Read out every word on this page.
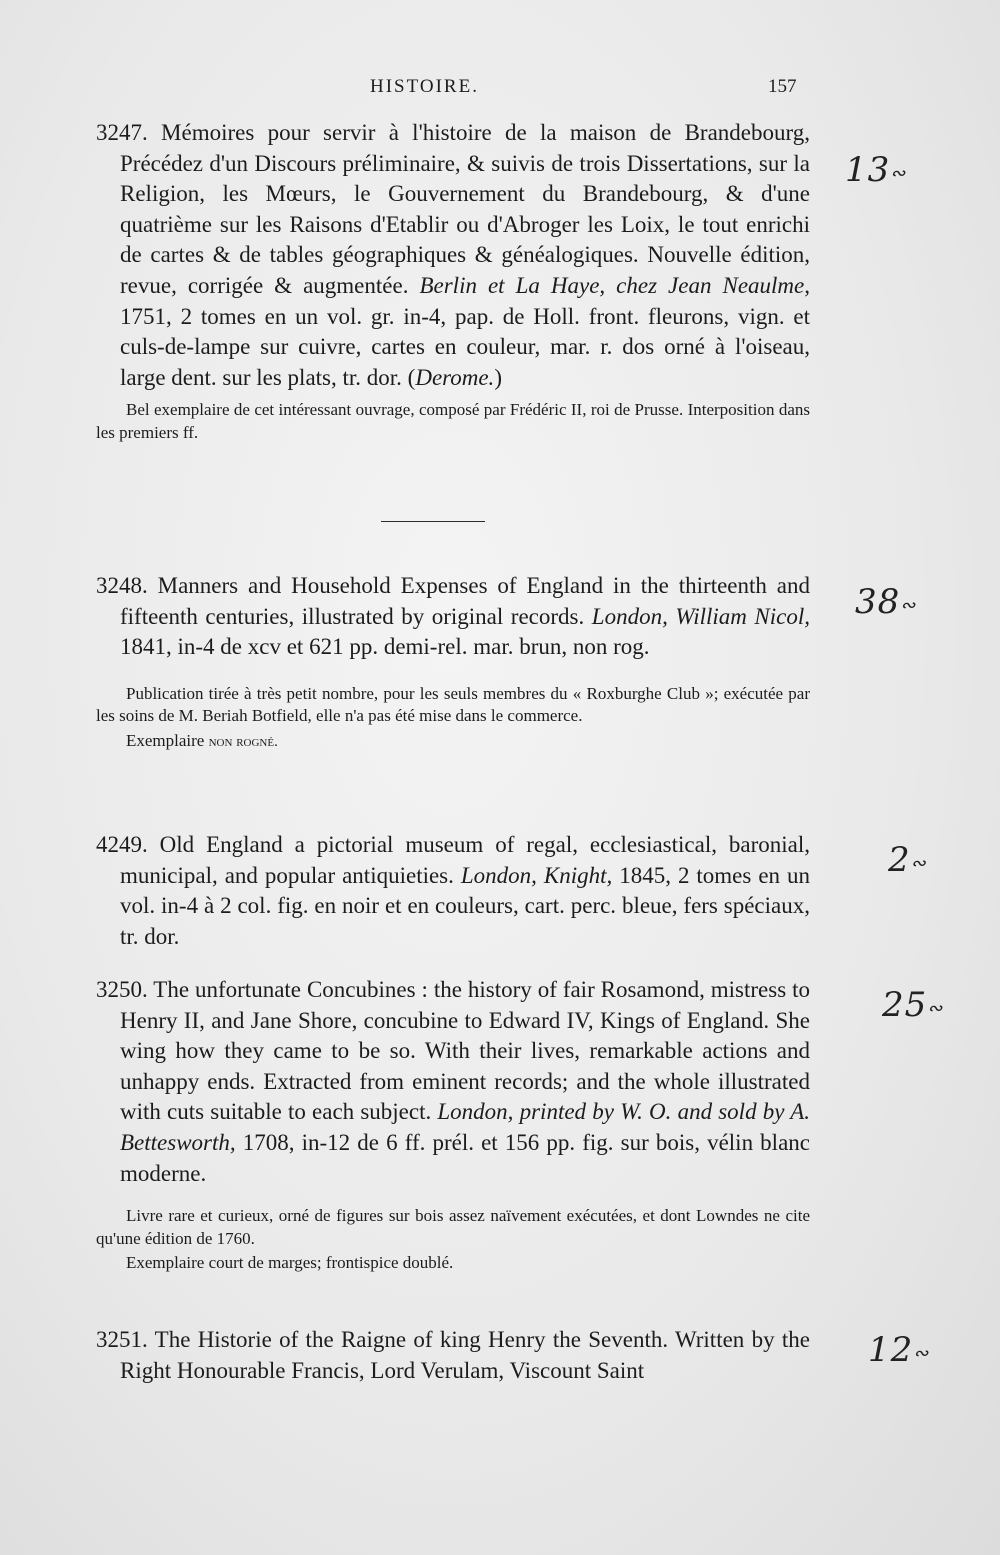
HISTOIRE.	157

3247. Mémoires pour servir à l'histoire de la maison de Brandebourg, Précédez d'un Discours préliminaire, & suivis de trois Dissertations, sur la Religion, les Mœurs, le Gouvernement du Brandebourg, & d'une quatrième sur les Raisons d'Etablir ou d'Abroger les Loix, le tout enrichi de cartes & de tables géographiques & généalogiques. Nouvelle édition, revue, corrigée & augmentée. Berlin et La Haye, chez Jean Neaulme, 1751, 2 tomes en un vol. gr. in-4, pap. de Holl. front. fleurons, vign. et culs-de-lampe sur cuivre, cartes en couleur, mar. r. dos orné à l'oiseau, large dent. sur les plats, tr. dor. (Derome.)

Bel exemplaire de cet intéressant ouvrage, composé par Frédéric II, roi de Prusse. Interposition dans les premiers ff.

3248. Manners and Household Expenses of England in the thirteenth and fifteenth centuries, illustrated by original records. London, William Nicol, 1841, in-4 de xcv et 621 pp. demi-rel. mar. brun, non rog.

Publication tirée à très petit nombre, pour les seuls membres du « Roxburghe Club »; exécutée par les soins de M. Beriah Botfield, elle n'a pas été mise dans le commerce.

Exemplaire non rogné.

4249. Old England a pictorial museum of regal, ecclesiastical, baronial, municipal, and popular antiquieties. London, Knight, 1845, 2 tomes en un vol. in-4 à 2 col. fig. en noir et en couleurs, cart. perc. bleue, fers spéciaux, tr. dor.

3250. The unfortunate Concubines : the history of fair Rosamond, mistress to Henry II, and Jane Shore, concubine to Edward IV, Kings of England. She wing how they came to be so. With their lives, remarkable actions and unhappy ends. Extracted from eminent records; and the whole illustrated with cuts suitable to each subject. London, printed by W. O. and sold by A. Bettesworth, 1708, in-12 de 6 ff. prél. et 156 pp. fig. sur bois, vélin blanc moderne.

Livre rare et curieux, orné de figures sur bois assez naïvement exécutées, et dont Lowndes ne cite qu'une édition de 1760.

Exemplaire court de marges; frontispice doublé.

3251. The Historie of the Raigne of king Henry the Seventh. Written by the Right Honourable Francis, Lord Verulam, Viscount Saint

13∾
38∾
2∾
25∾
12∾
